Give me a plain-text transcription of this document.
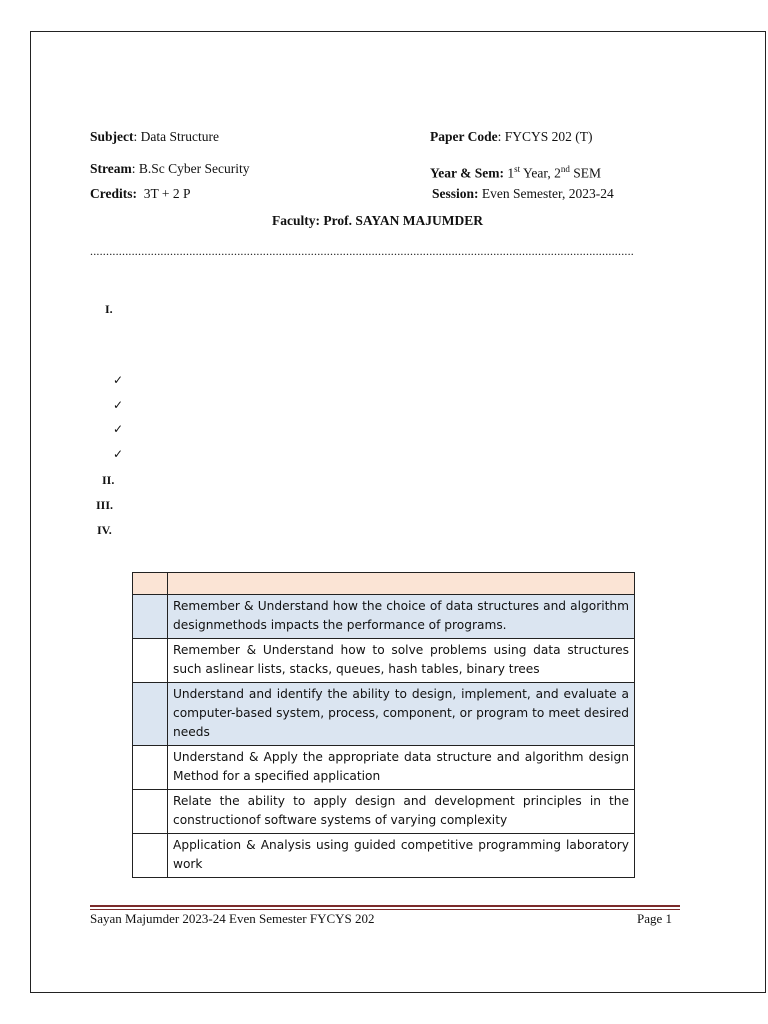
Subject: Data Structure	Paper Code: FYCYS 202 (T)
Stream: B.Sc Cyber Security	Year & Sem: 1st Year, 2nd SEM
Credits:  3T + 2 P	Session: Even Semester, 2023-24
Faculty: Prof. SAYAN MAJUMDER
..........................................................................................................................................................................
I.
✓
✓
✓
✓
II.
III.
IV.

	Remember & Understand how the choice of data structures and algorithm designmethods impacts the performance of programs.
	Remember & Understand how to solve problems using data structures such aslinear lists, stacks, queues, hash tables, binary trees
	Understand and identify the ability to design, implement, and evaluate a computer-based system, process, component, or program to meet desired needs
	Understand & Apply the appropriate data structure and algorithm design Method for a specified application
	Relate the ability to apply design and development principles in the constructionof software systems of varying complexity
	Application & Analysis using guided competitive programming laboratory work
Sayan Majumder 2023-24 Even Semester FYCYS 202	Page 1
